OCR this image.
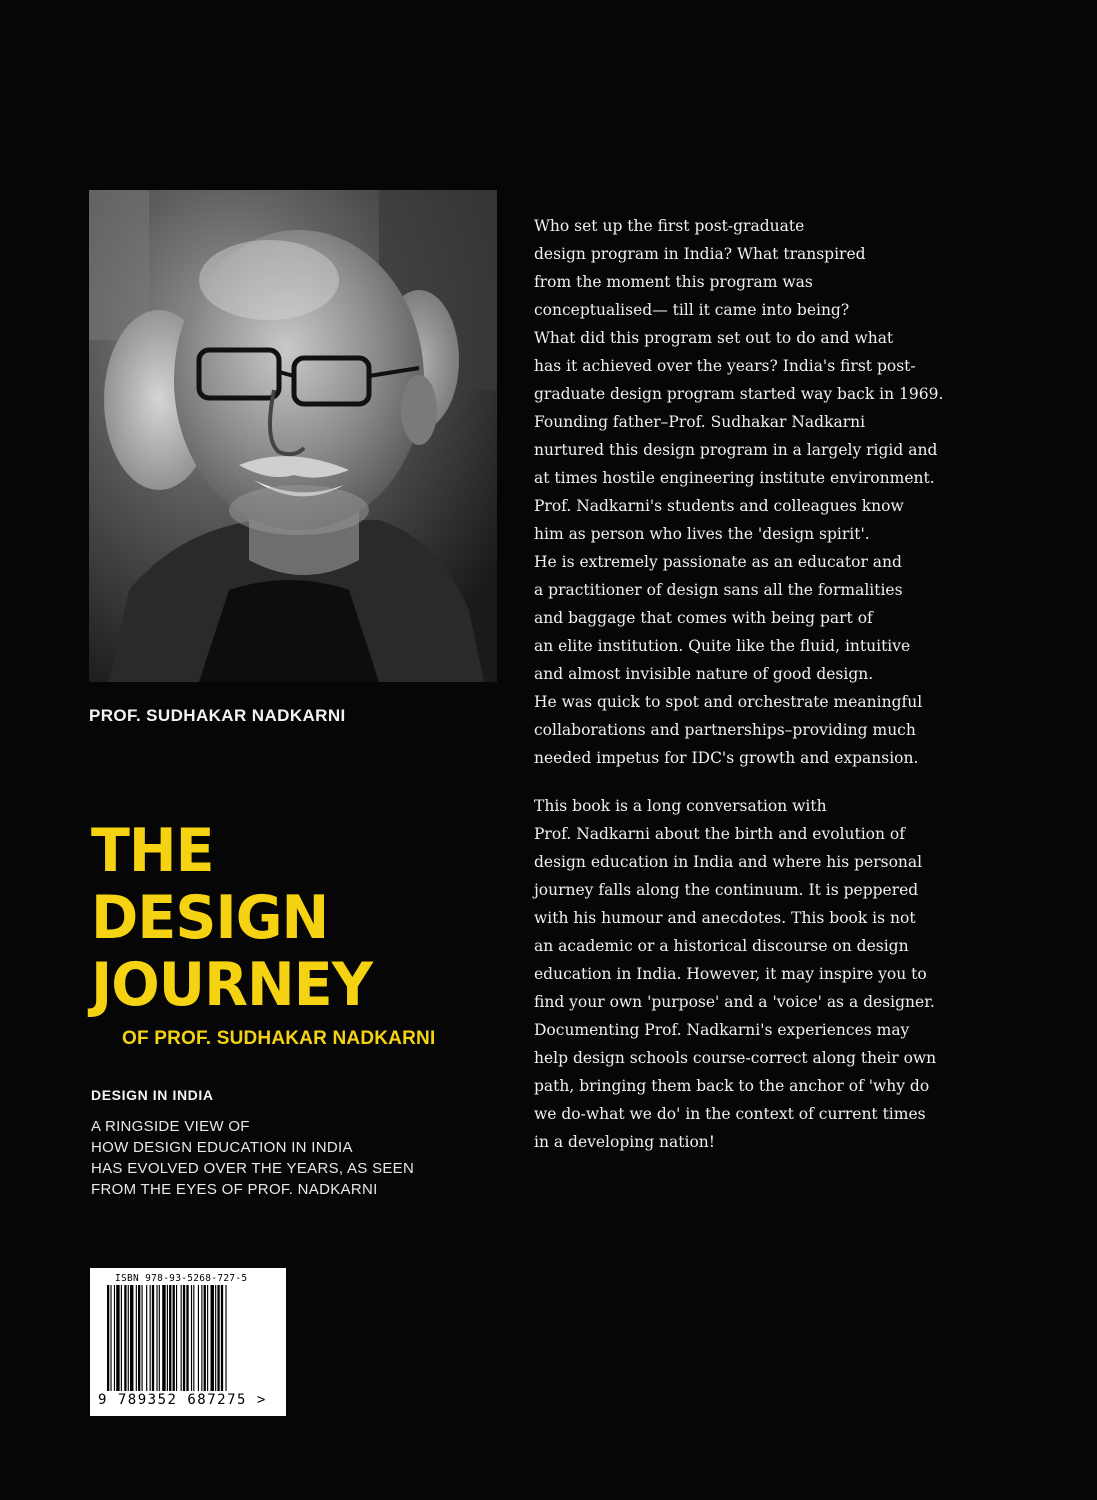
PROF. SUDHAKAR NADKARNI
THE
DESIGN
JOURNEY
OF PROF. SUDHAKAR NADKARNI
DESIGN IN INDIA
A RINGSIDE VIEW OF
HOW DESIGN EDUCATION IN INDIA
HAS EVOLVED OVER THE YEARS, AS SEEN
FROM THE EYES OF PROF. NADKARNI
ISBN 978-93-5268-727-5
9 789352 687275 >
Who set up the first post-graduate
design program in India? What transpired
from the moment this program was
conceptualised— till it came into being?
What did this program set out to do and what
has it achieved over the years? India's first post-
graduate design program started way back in 1969.
Founding father–Prof. Sudhakar Nadkarni
nurtured this design program in a largely rigid and
at times hostile engineering institute environment.
Prof. Nadkarni's students and colleagues know
him as person who lives the 'design spirit'.
He is extremely passionate as an educator and
a practitioner of design sans all the formalities
and baggage that comes with being part of
an elite institution. Quite like the fluid, intuitive
and almost invisible nature of good design.
He was quick to spot and orchestrate meaningful
collaborations and partnerships–providing much
needed impetus for IDC's growth and expansion.
This book is a long conversation with
Prof. Nadkarni about the birth and evolution of
design education in India and where his personal
journey falls along the continuum. It is peppered
with his humour and anecdotes. This book is not
an academic or a historical discourse on design
education in India. However, it may inspire you to
find your own 'purpose' and a 'voice' as a designer.
Documenting Prof. Nadkarni's experiences may
help design schools course-correct along their own
path, bringing them back to the anchor of 'why do
we do-what we do' in the context of current times
in a developing nation!
